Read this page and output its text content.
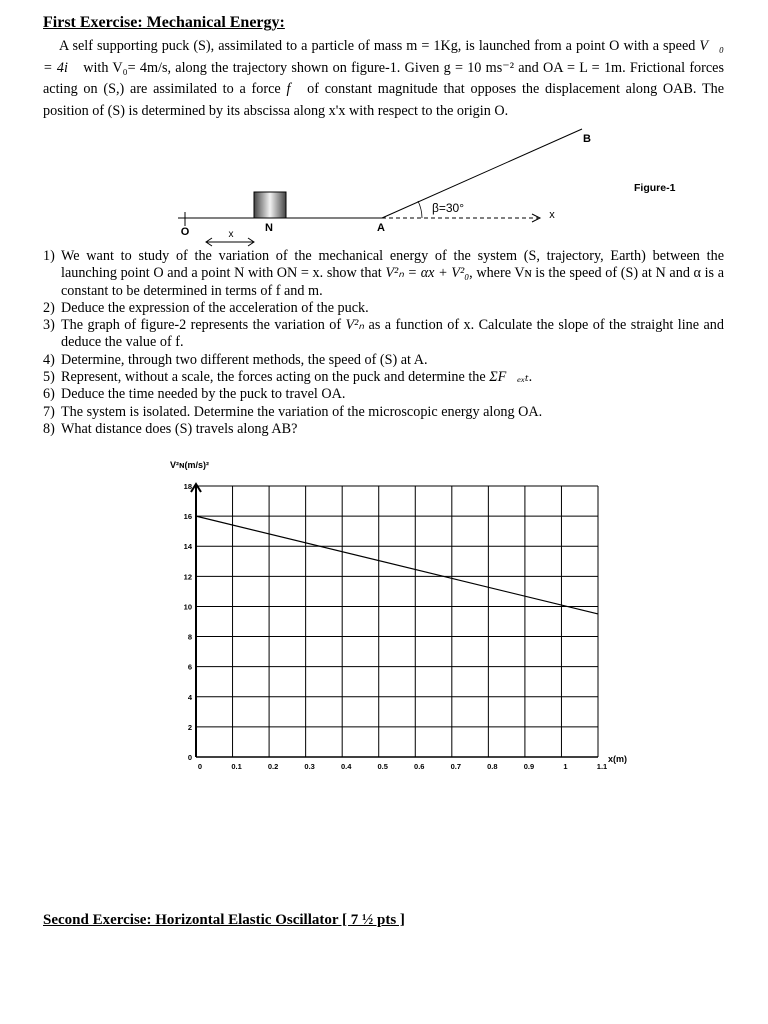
First Exercise: Mechanical Energy:
A self supporting puck (S), assimilated to a particle of mass m = 1Kg, is launched from a point O with a speed V⃗₀ = 4i⃗ with V₀= 4m/s, along the trajectory shown on figure-1. Given g = 10 ms⁻² and OA = L = 1m. Frictional forces acting on (S,) are assimilated to a force f⃗ of constant magnitude that opposes the displacement along OAB. The position of (S) is determined by its abscissa along x'x with respect to the origin O.
O	N	A
B
x
x
β=30°
Figure-1
1) We want to study of the variation of the mechanical energy of the system (S, trajectory, Earth) between the launching point O and a point N with ON = x. show that V²ₙ = αx + V²₀, where Vɴ is the speed of (S) at N and α is a constant to be determined in terms of f and m.
2) Deduce the expression of the acceleration of the puck.
3) The graph of figure-2 represents the variation of V²ₙ as a function of x. Calculate the slope of the straight line and deduce the value of f.
4) Determine, through two different methods, the speed of (S) at A.
5) Represent, without a scale, the forces acting on the puck and determine the ΣF⃗ₑₓₜ.
6) Deduce the time needed by the puck to travel OA.
7) The system is isolated. Determine the variation of the microscopic energy along OA.
8) What distance does (S) travels along AB?
0	0.1	0.2	0.3	0.4	0.5	0.6	0.7	0.8	0.9	1	1.1
0
2
4
6
8
10
12
14
16
18
V²ɴ(m/s)²
x(m)
Second Exercise: Horizontal Elastic Oscillator [ 7 ½ pts ]
